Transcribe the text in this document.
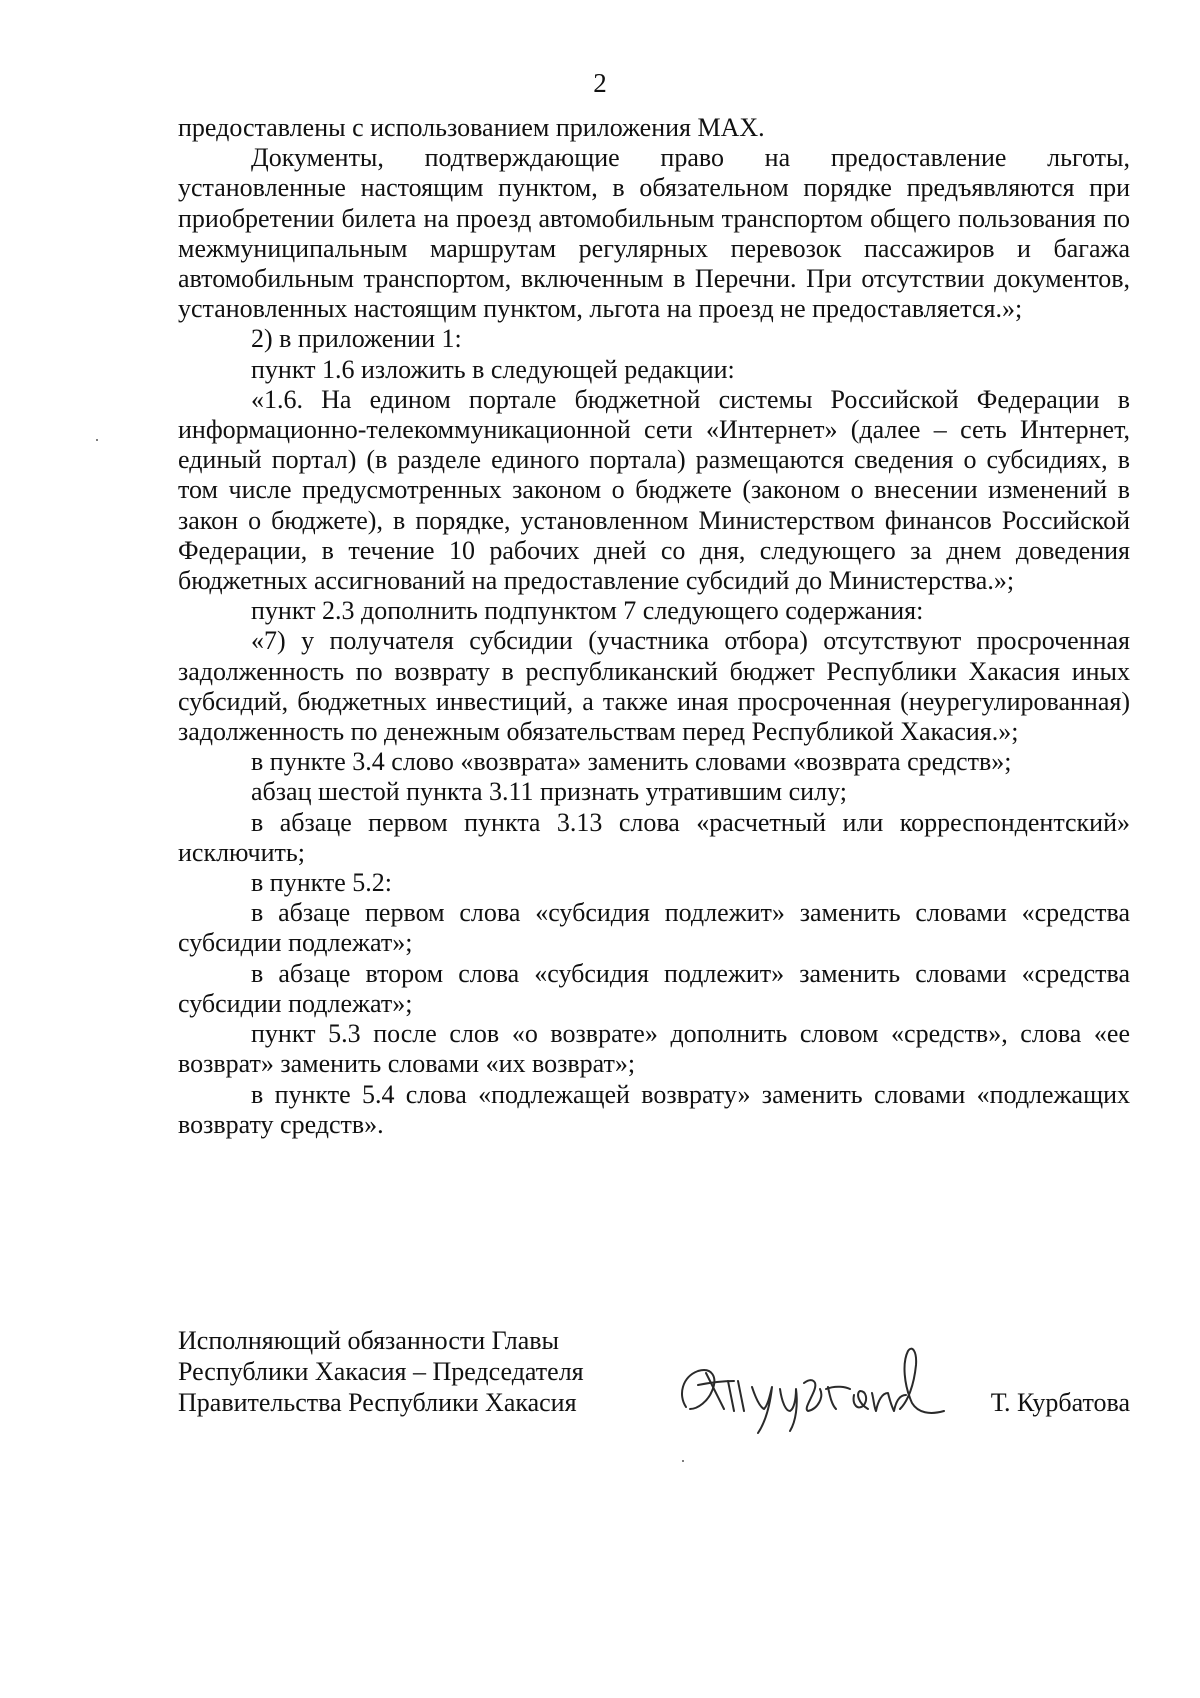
2

предоставлены с использованием приложения MAX.

Документы, подтверждающие право на предоставление льготы, установленные настоящим пунктом, в обязательном порядке предъявляются при приобретении билета на проезд автомобильным транспортом общего пользования по межмуниципальным маршрутам регулярных перевозок пассажиров и багажа автомобильным транспортом, включенным в Перечни. При отсутствии документов, установленных настоящим пунктом, льгота на проезд не предоставляется.»;

2) в приложении 1:

пункт 1.6 изложить в следующей редакции:

«1.6. На едином портале бюджетной системы Российской Федерации в информационно-телекоммуникационной сети «Интернет» (далее – сеть Интернет, единый портал) (в разделе единого портала) размещаются сведения о субсидиях, в том числе предусмотренных законом о бюджете (законом о внесении изменений в закон о бюджете), в порядке, установленном Министерством финансов Российской Федерации, в течение 10 рабочих дней со дня, следующего за днем доведения бюджетных ассигнований на предоставление субсидий до Министерства.»;

пункт 2.3 дополнить подпунктом 7 следующего содержания:

«7) у получателя субсидии (участника отбора) отсутствуют просроченная задолженность по возврату в республиканский бюджет Республики Хакасия иных субсидий, бюджетных инвестиций, а также иная просроченная (неурегулированная) задолженность по денежным обязательствам перед Республикой Хакасия.»;

в пункте 3.4 слово «возврата» заменить словами «возврата средств»;

абзац шестой пункта 3.11 признать утратившим силу;

в абзаце первом пункта 3.13 слова «расчетный или корреспондентский» исключить;

в пункте 5.2:

в абзаце первом слова «субсидия подлежит» заменить словами «средства субсидии подлежат»;

в абзаце втором слова «субсидия подлежит» заменить словами «средства субсидии подлежат»;

пункт 5.3 после слов «о возврате» дополнить словом «средств», слова «ее возврат» заменить словами «их возврат»;

в пункте 5.4 слова «подлежащей возврату» заменить словами «подлежащих возврату средств».

Исполняющий обязанности Главы
Республики Хакасия – Председателя
Правительства Республики Хакасия	Т. Курбатова
